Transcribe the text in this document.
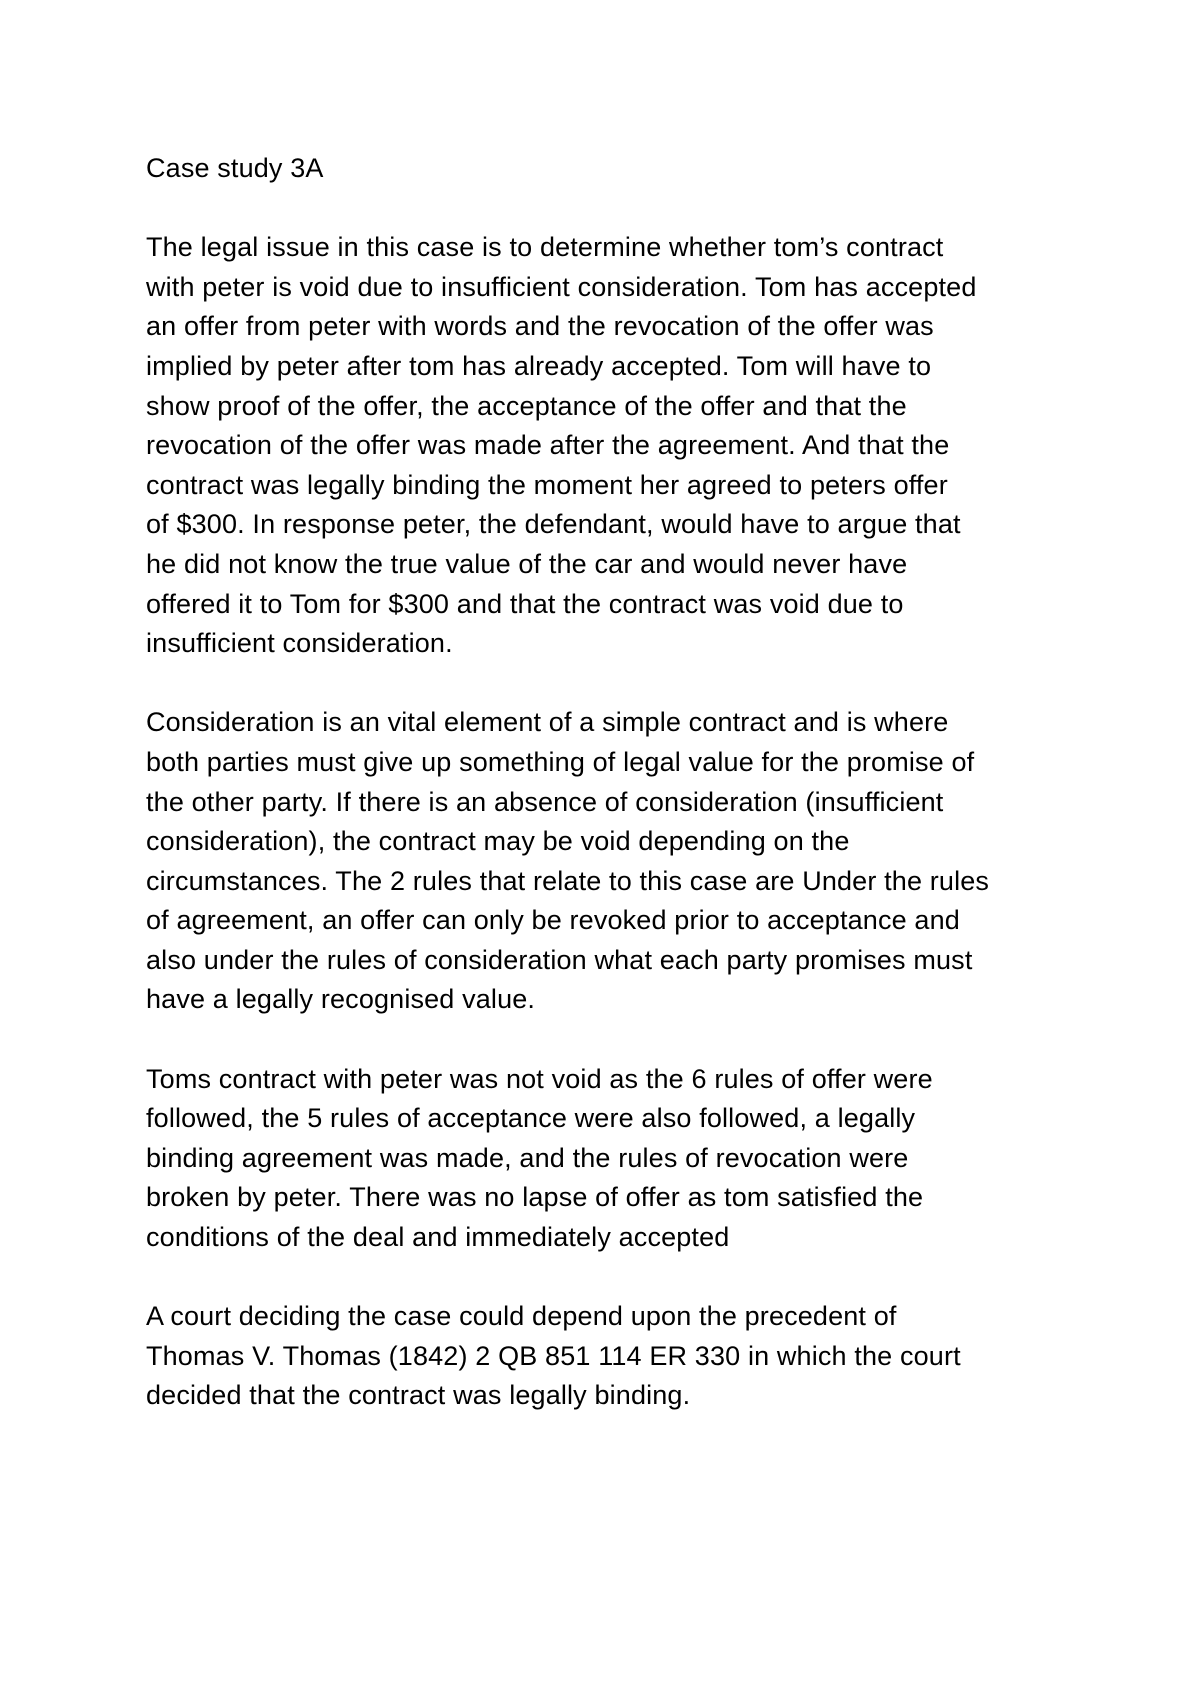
Case study 3A

The legal issue in this case is to determine whether tom’s contract
with peter is void due to insufficient consideration. Tom has accepted
an offer from peter with words and the revocation of the offer was
implied by peter after tom has already accepted. Tom will have to
show proof of the offer, the acceptance of the offer and that the
revocation of the offer was made after the agreement. And that the
contract was legally binding the moment her agreed to peters offer
of $300. In response peter, the defendant, would have to argue that
he did not know the true value of the car and would never have
offered it to Tom for $300 and that the contract was void due to
insufficient consideration.

Consideration is an vital element of a simple contract and is where
both parties must give up something of legal value for the promise of
the other party. If there is an absence of consideration (insufficient
consideration), the contract may be void depending on the
circumstances. The 2 rules that relate to this case are Under the rules
of agreement, an offer can only be revoked prior to acceptance and
also under the rules of consideration what each party promises must
have a legally recognised value.

Toms contract with peter was not void as the 6 rules of offer were
followed, the 5 rules of acceptance were also followed, a legally
binding agreement was made, and the rules of revocation were
broken by peter. There was no lapse of offer as tom satisfied the
conditions of the deal and immediately accepted

A court deciding the case could depend upon the precedent of
Thomas V. Thomas (1842) 2 QB 851 114 ER 330 in which the court
decided that the contract was legally binding.
